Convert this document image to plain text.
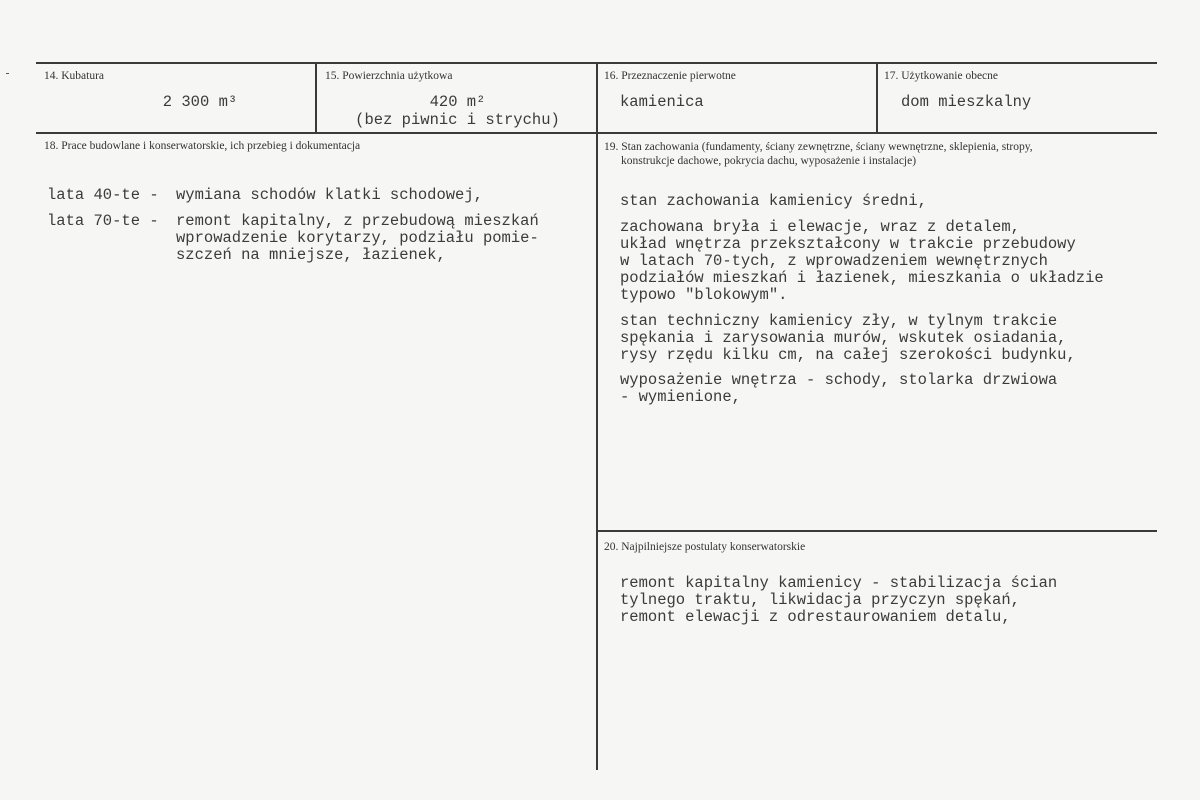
14. Kubatura
2 300 m³
15. Powierzchnia użytkowa
420 m²
(bez piwnic i strychu)
16. Przeznaczenie pierwotne
kamienica
17. Użytkowanie obecne
dom mieszkalny
18. Prace budowlane i konserwatorskie, ich przebieg i dokumentacja
lata 40-te - wymiana schodów klatki schodowej,
lata 70-te - remont kapitalny, z przebudową mieszkań
wprowadzenie korytarzy, podziału pomie-
szczeń na mniejsze, łazienek,
19. Stan zachowania (fundamenty, ściany zewnętrzne, ściany wewnętrzne, sklepienia, stropy,
konstrukcje dachowe, pokrycia dachu, wyposażenie i instalacje)
stan zachowania kamienicy średni,
zachowana bryła i elewacje, wraz z detalem,
układ wnętrza przekształcony w trakcie przebudowy
w latach 70-tych, z wprowadzeniem wewnętrznych
podziałów mieszkań i łazienek, mieszkania o układzie
typowo "blokowym".
stan techniczny kamienicy zły, w tylnym trakcie
spękania i zarysowania murów, wskutek osiadania,
rysy rzędu kilku cm, na całej szerokości budynku,
wyposażenie wnętrza - schody, stolarka drzwiowa
- wymienione,
20. Najpilniejsze postulaty konserwatorskie
remont kapitalny kamienicy - stabilizacja ścian
tylnego traktu, likwidacja przyczyn spękań,
remont elewacji z odrestaurowaniem detalu,
